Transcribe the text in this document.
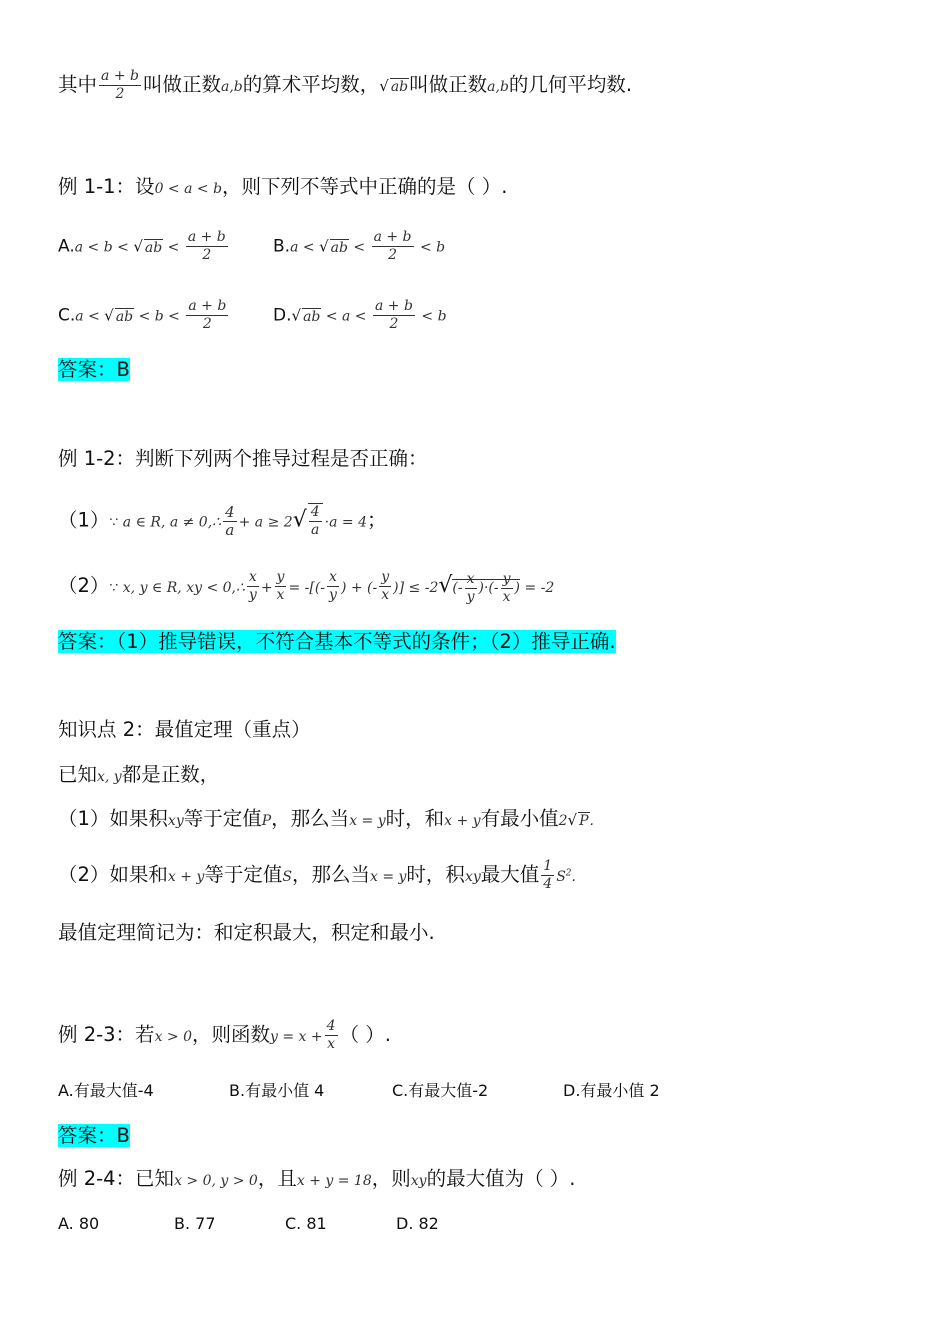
其中 $\frac{a + b}{2}$ 叫做正数a,b的算术平均数，√ ab叫做正数a,b的几何平均数.
例 1-1：设0 < a < b，则下列不等式中正确的是（ ）.
A.a < b < √ ab < $\frac{a + b}{2}$	B.a < √ ab < $\frac{a + b}{2} < b$
C.a < √ ab < $b < \frac{a + b}{2}$	D.√ ab < $a < \frac{a + b}{2} < b$
答案：B
例 1-2：判断下列两个推导过程是否正确：
（1）∵ a ∈ R, a ≠ 0,∴ $\frac{4}{a} + a \ge 2√ \frac{4}{a} \cdot a = 4$；
（2）∵ x, y ∈ R, xy < 0,∴ $\frac{x}{y} + \frac{y}{x}$ = -[(- $\frac{x}{y}$ ) + (- $\frac{y}{x}$ )] ≤ $-2√(- \frac{x}{y}$ )·(- $\frac{y}{x}$ ) = -2
答案：（1）推导错误，不符合基本不等式的条件；（2）推导正确.
知识点 2：最值定理（重点）
已知x, y都是正数，
（1）如果积xy等于定值P，那么当x = y时，和x + y有最小值2√ P.
（2）如果和x + y等于定值S，那么当x = y时，积xy最大值 $\frac{1}{4} S^2$.
最值定理简记为：和定积最大，积定和最小.
例 2-3：若x > 0，则函数$y = x + \frac{4}{x}$ （ ）.
A.有最大值-4	B.有最小值 4	C.有最大值-2	D.有最小值 2
答案：B
例 2-4：已知x > 0, y > 0，且x + y = 18，则xy的最大值为（ ）.
A. 80	B. 77	C. 81	D. 82
